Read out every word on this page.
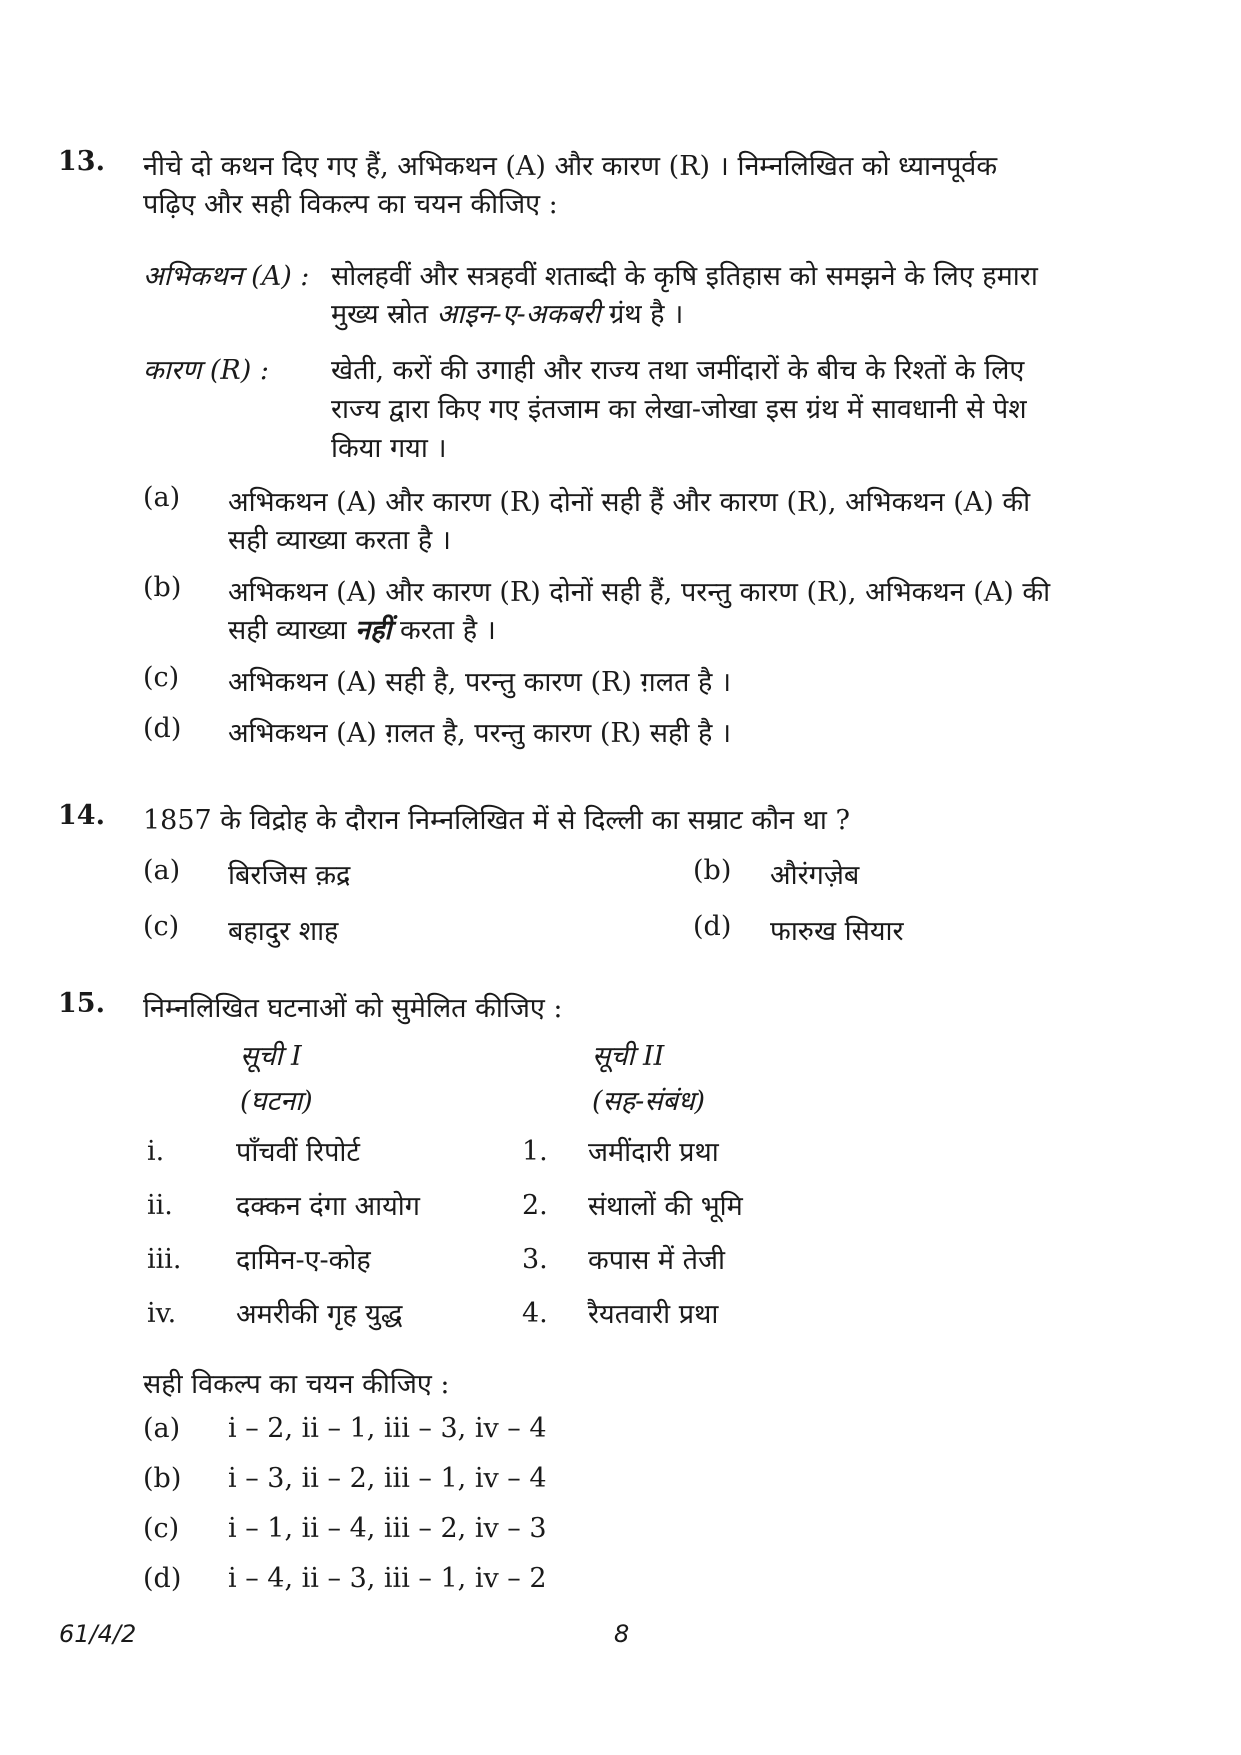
13. नीचे दो कथन दिए गए हैं, अभिकथन (A) और कारण (R) । निम्नलिखित को ध्यानपूर्वक
पढ़िए और सही विकल्प का चयन कीजिए :
अभिकथन (A) : सोलहवीं और सत्रहवीं शताब्दी के कृषि इतिहास को समझने के लिए हमारा
मुख्य स्रोत आइन-ए-अकबरी ग्रंथ है ।
कारण (R) : खेती, करों की उगाही और राज्य तथा जमींदारों के बीच के रिश्तों के लिए
राज्य द्वारा किए गए इंतजाम का लेखा-जोखा इस ग्रंथ में सावधानी से पेश
किया गया ।
(a) अभिकथन (A) और कारण (R) दोनों सही हैं और कारण (R), अभिकथन (A) की
सही व्याख्या करता है ।
(b) अभिकथन (A) और कारण (R) दोनों सही हैं, परन्तु कारण (R), अभिकथन (A) की
सही व्याख्या नहीं करता है ।
(c) अभिकथन (A) सही है, परन्तु कारण (R) ग़लत है ।
(d) अभिकथन (A) ग़लत है, परन्तु कारण (R) सही है ।
14. 1857 के विद्रोह के दौरान निम्नलिखित में से दिल्ली का सम्राट कौन था ?
(a) बिरजिस क़द्र	(b) औरंगज़ेब
(c) बहादुर शाह	(d) फारुख सियार
15. निम्नलिखित घटनाओं को सुमेलित कीजिए :
सूची I
(घटना)
सूची II
(सह-संबंध)
i.	पाँचवीं रिपोर्ट	1. जमींदारी प्रथा
ii. दक्कन दंगा आयोग	2. संथालों की भूमि
iii. दामिन-ए-कोह	3. कपास में तेजी
iv. अमरीकी गृह युद्ध	4. रैयतवारी प्रथा
सही विकल्प का चयन कीजिए :
(a) i – 2, ii – 1, iii – 3, iv – 4
(b) i – 3, ii – 2, iii – 1, iv – 4
(c) i – 1, ii – 4, iii – 2, iv – 3
(d) i – 4, ii – 3, iii – 1, iv – 2
61/4/2	8
